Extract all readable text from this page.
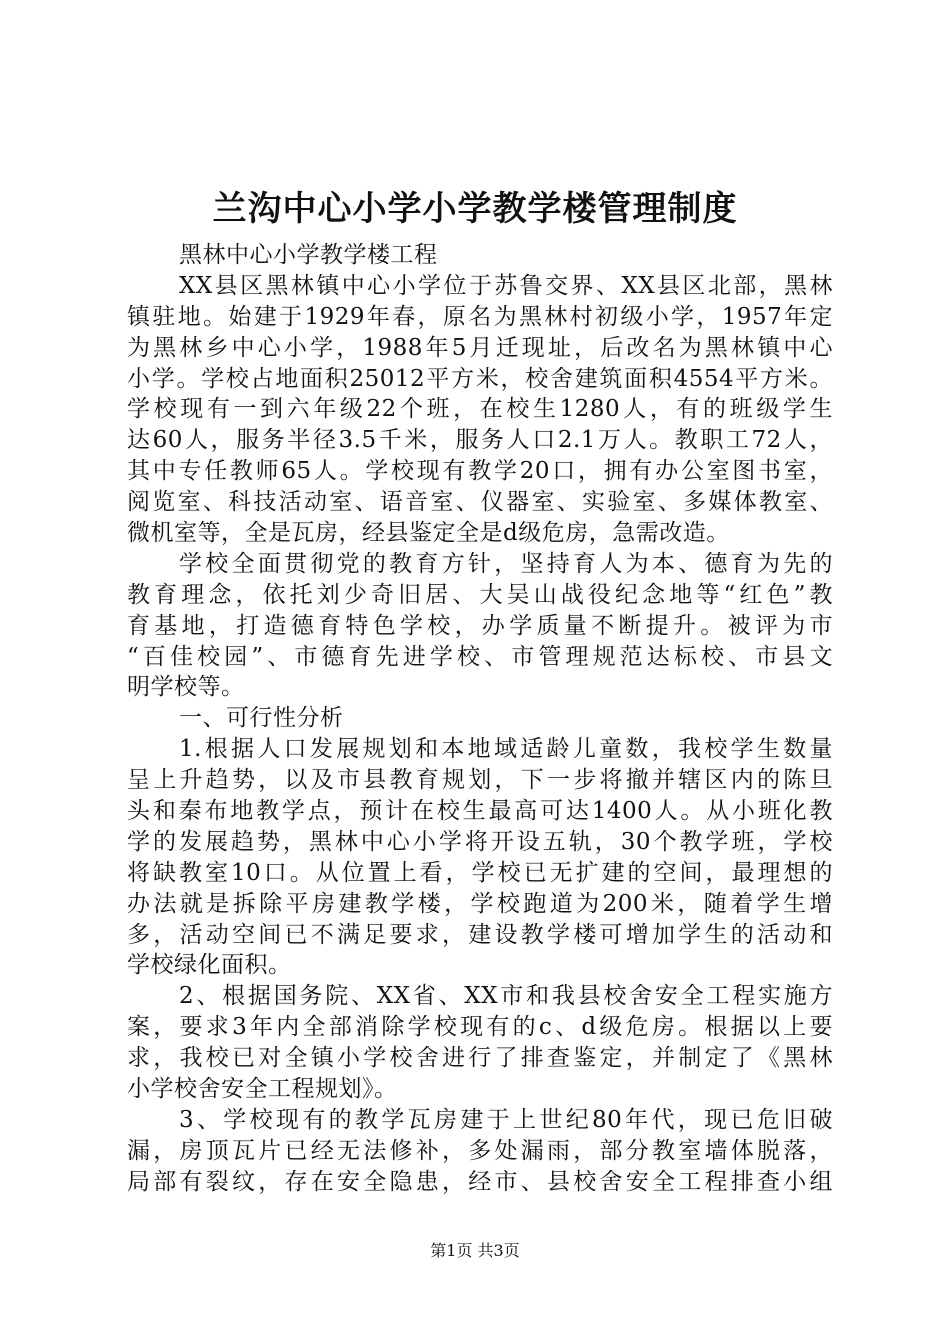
兰沟中心小学小学教学楼管理制度
黑林中心小学教学楼工程
XX县区黑林镇中心小学位于苏鲁交界、XX县区北部，黑林
镇驻地。始建于1929年春，原名为黑林村初级小学，1957年定
为黑林乡中心小学，1988年5月迁现址，后改名为黑林镇中心
小学。学校占地面积25012平方米，校舍建筑面积4554平方米。
学校现有一到六年级22个班，在校生1280人，有的班级学生
达60人，服务半径3.5千米，服务人口2.1万人。教职工72人，
其中专任教师65人。学校现有教学20口，拥有办公室图书室，
阅览室、科技活动室、语音室、仪器室、实验室、多媒体教室、
微机室等，全是瓦房，经县鉴定全是d级危房，急需改造。
学校全面贯彻党的教育方针，坚持育人为本、德育为先的
教育理念，依托刘少奇旧居、大吴山战役纪念地等“红色”教
育基地，打造德育特色学校，办学质量不断提升。被评为市
“百佳校园”、市德育先进学校、市管理规范达标校、市县文
明学校等。
一、可行性分析
1.根据人口发展规划和本地域适龄儿童数，我校学生数量
呈上升趋势，以及市县教育规划，下一步将撤并辖区内的陈旦
头和秦布地教学点，预计在校生最高可达1400人。从小班化教
学的发展趋势，黑林中心小学将开设五轨，30个教学班，学校
将缺教室10口。从位置上看，学校已无扩建的空间，最理想的
办法就是拆除平房建教学楼，学校跑道为200米，随着学生增
多，活动空间已不满足要求，建设教学楼可增加学生的活动和
学校绿化面积。
2、根据国务院、XX省、XX市和我县校舍安全工程实施方
案，要求3年内全部消除学校现有的c、d级危房。根据以上要
求，我校已对全镇小学校舍进行了排查鉴定，并制定了《黑林
小学校舍安全工程规划》。
3、学校现有的教学瓦房建于上世纪80年代，现已危旧破
漏，房顶瓦片已经无法修补，多处漏雨，部分教室墙体脱落，
局部有裂纹，存在安全隐患，经市、县校舍安全工程排查小组
第1页 共3页
